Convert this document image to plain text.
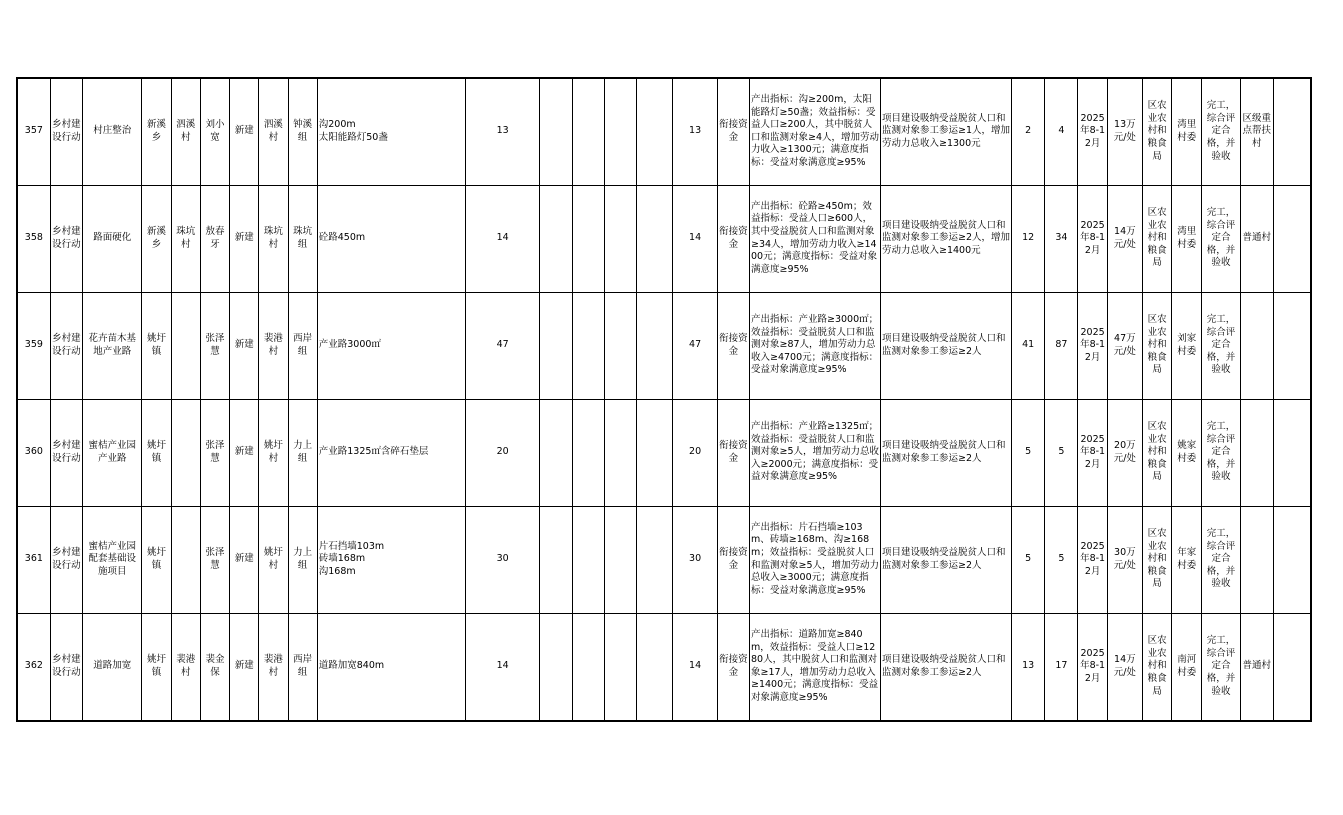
357	乡村建设行动	村庄整治	新溪乡	泗溪村	刘小宽	新建	泗溪村	钟溪组	沟200m
太阳能路灯50盏	13					13	衔接资金	产出指标：沟≥200m，太阳能路灯≥50盏；效益指标：受益人口≥200人，其中脱贫人口和监测对象≥4人，增加劳动力收入≥1300元；满意度指标：受益对象满意度≥95%	项目建设吸纳受益脱贫人口和监测对象参工参运≥1人，增加劳动力总收入≥1300元	2	4	2025年8-12月	13万元/处	区农业农村和粮食局	湾里村委	完工，综合评定合格，并验收	区级重点帮扶村	
358	乡村建设行动	路面硬化	新溪乡	珠坑村	敖春牙	新建	珠坑村	珠坑组	砼路450m	14					14	衔接资金	产出指标：砼路≥450m；效益指标：受益人口≥600人，其中受益脱贫人口和监测对象≥34人，增加劳动力收入≥1400元；满意度指标：受益对象满意度≥95%	项目建设吸纳受益脱贫人口和监测对象参工参运≥2人，增加劳动力总收入≥1400元	12	34	2025年8-12月	14万元/处	区农业农村和粮食局	湾里村委	完工，综合评定合格，并验收	普通村	
359	乡村建设行动	花卉苗木基地产业路	姚圩镇		张泽慧	新建	裴港村	西岸组	产业路3000㎡	47					47	衔接资金	产出指标：产业路≥3000㎡；效益指标：受益脱贫人口和监测对象≥87人，增加劳动力总收入≥4700元；满意度指标：受益对象满意度≥95%	项目建设吸纳受益脱贫人口和监测对象参工参运≥2人	41	87	2025年8-12月	47万元/处	区农业农村和粮食局	刘家村委	完工，综合评定合格，并验收		
360	乡村建设行动	蜜桔产业园产业路	姚圩镇		张泽慧	新建	姚圩村	力上组	产业路1325㎡含碎石垫层	20					20	衔接资金	产出指标：产业路≥1325㎡；效益指标：受益脱贫人口和监测对象≥5人，增加劳动力总收入≥2000元；满意度指标：受益对象满意度≥95%	项目建设吸纳受益脱贫人口和监测对象参工参运≥2人	5	5	2025年8-12月	20万元/处	区农业农村和粮食局	姚家村委	完工，综合评定合格，并验收		
361	乡村建设行动	蜜桔产业园配套基础设施项目	姚圩镇		张泽慧	新建	姚圩村	力上组	片石挡墙103m
砖墙168m
沟168m	30					30	衔接资金	产出指标：片石挡墙≥103m、砖墙≥168m、沟≥168m；效益指标：受益脱贫人口和监测对象≥5人，增加劳动力总收入≥3000元；满意度指标：受益对象满意度≥95%	项目建设吸纳受益脱贫人口和监测对象参工参运≥2人	5	5	2025年8-12月	30万元/处	区农业农村和粮食局	年家村委	完工，综合评定合格，并验收		
362	乡村建设行动	道路加宽	姚圩镇	裴港村	裴金保	新建	裴港村	西岸组	道路加宽840m	14					14	衔接资金	产出指标：道路加宽≥840m，效益指标：受益人口≥1280人，其中脱贫人口和监测对象≥17人，增加劳动力总收入≥1400元；满意度指标：受益对象满意度≥95%	项目建设吸纳受益脱贫人口和监测对象参工参运≥2人	13	17	2025年8-12月	14万元/处	区农业农村和粮食局	南河村委	完工，综合评定合格，并验收	普通村	
